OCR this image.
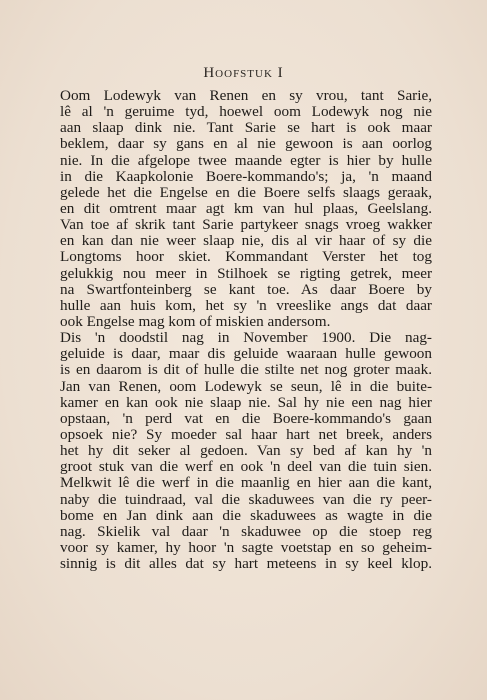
Hoofstuk I
Oom Lodewyk van Renen en sy vrou, tant Sarie,
lê al 'n geruime tyd, hoewel oom Lodewyk nog nie
aan slaap dink nie. Tant Sarie se hart is ook maar
beklem, daar sy gans en al nie gewoon is aan oorlog
nie. In die afgelope twee maande egter is hier by hulle
in die Kaapkolonie Boere-kommando's; ja, 'n maand
gelede het die Engelse en die Boere selfs slaags geraak,
en dit omtrent maar agt km van hul plaas, Geelslang.
Van toe af skrik tant Sarie partykeer snags vroeg wakker
en kan dan nie weer slaap nie, dis al vir haar of sy die
Longtoms hoor skiet. Kommandant Verster het tog
gelukkig nou meer in Stilhoek se rigting getrek, meer
na Swartfonteinberg se kant toe. As daar Boere by
hulle aan huis kom, het sy 'n vreeslike angs dat daar
ook Engelse mag kom of miskien andersom.
Dis 'n doodstil nag in November 1900. Die nag-
geluide is daar, maar dis geluide waaraan hulle gewoon
is en daarom is dit of hulle die stilte net nog groter maak.
Jan van Renen, oom Lodewyk se seun, lê in die buite-
kamer en kan ook nie slaap nie. Sal hy nie een nag hier
opstaan, 'n perd vat en die Boere-kommando's gaan
opsoek nie? Sy moeder sal haar hart net breek, anders
het hy dit seker al gedoen. Van sy bed af kan hy 'n
groot stuk van die werf en ook 'n deel van die tuin sien.
Melkwit lê die werf in die maanlig en hier aan die kant,
naby die tuindraad, val die skaduwees van die ry peer-
bome en Jan dink aan die skaduwees as wagte in die
nag. Skielik val daar 'n skaduwee op die stoep reg
voor sy kamer, hy hoor 'n sagte voetstap en so geheim-
sinnig is dit alles dat sy hart meteens in sy keel klop.
